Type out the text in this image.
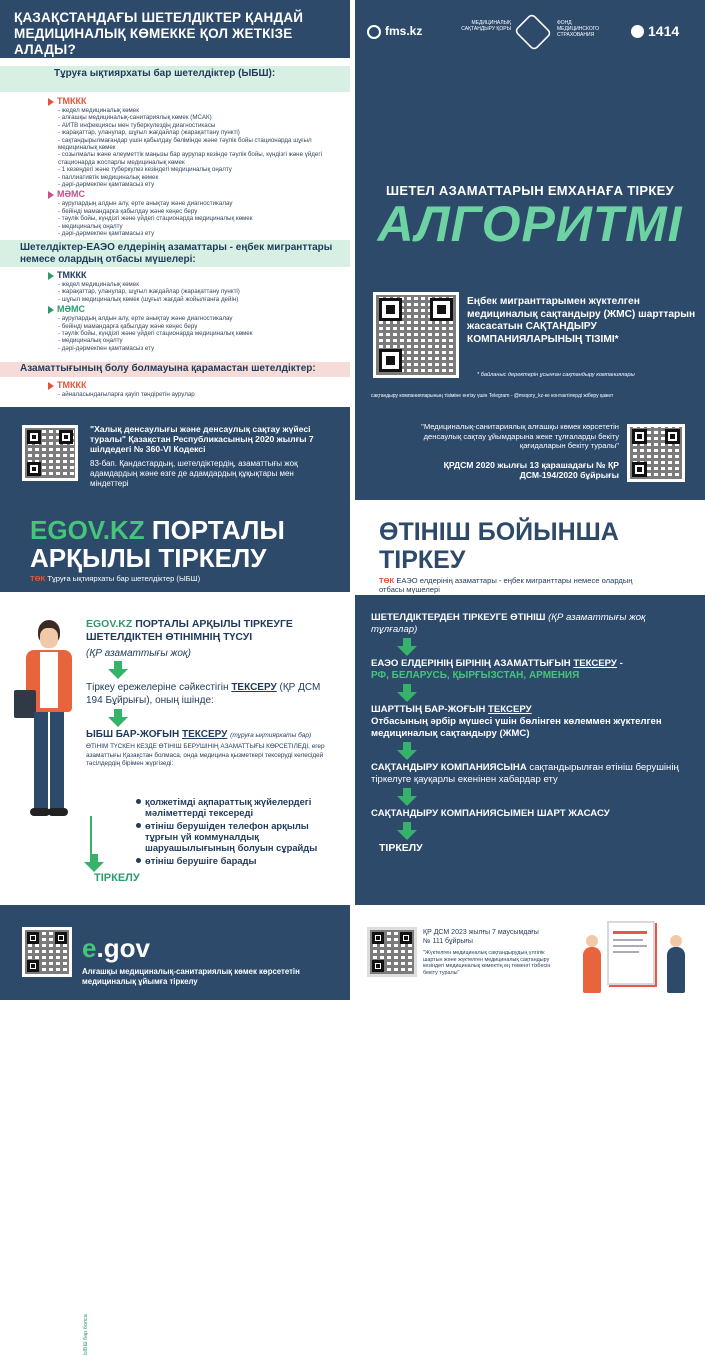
ҚАЗАҚСТАНДАҒЫ ШЕТЕЛДІКТЕР ҚАНДАЙ МЕДИЦИНАЛЫҚ КӨМЕККЕ ҚОЛ ЖЕТКІЗЕ АЛАДЫ?
Тұруға ықтиярхаты бар шетелдіктер (ЫБШ):
ТМККК
- жедел медициналық көмек
- алғашқы медициналық-санитариялық көмек (МСАК)
- АИТВ инфекциясы мен туберкулездің диагностикасы
- жарақаттар, уланулар, шұғыл жағдайлар (жарақаттану пункті)
- сақтандырылмағандар үшін қабылдау бөлімінде және тәулік бойы стационарда шұғыл медициналық көмек
- созылмалы және әлеуметтік маңызы бар аурулар кезінде тәулік бойы, күндізгі және үйдегі стационарда жоспарлы медициналық көмек
- 1 кезеңдегі және туберкулез кезіндегі медициналық оңалту
- паллиативтік медициналық көмек
- дәрі-дәрмекпен қамтамасыз ету
МӘМС
- аурулардың алдын алу, ерте анықтау және диагностикалау
- бейінді мамандарға қабылдау және кеңес беру
- тәулік бойы, күндізгі және үйдегі стационарда медициналық көмек
- медициналық оңалту
- дәрі-дәрмекпен қамтамасыз ету
Шетелдіктер-ЕАЭО елдерінің азаматтары - еңбек мигранттары немесе олардың отбасы мүшелері:
ТМККК
- жедел медициналық көмек
- жарақаттар, уланулар, шұғыл жағдайлар (жарақаттану пункті)
- шұғыл медициналық көмек (шұғыл жағдай жойылғанға дейін)
МӘМС
- аурулардың алдын алу, ерте анықтау және диагностикалау
- бейінді мамандарға қабылдау және кеңес беру
- тәулік бойы, күндізгі және үйдегі стационарда медициналық көмек
- медициналық оңалту
- дәрі-дәрмекпен қамтамасыз ету
Азаматтығының болу болмауына қарамастан шетелдіктер:
ТМККК
- айналасындағыларға қауіп төндіретін аурулар
fms.kz
МЕДИЦИНАЛЫҚ САҚТАНДЫРУ ҚОРЫ
ФОНД МЕДИЦИНСКОГО СТРАХОВАНИЯ	1414
ШЕТЕЛ АЗАМАТТАРЫН ЕМХАНАҒА ТІРКЕУ
АЛГОРИТМІ
Еңбек мигранттарымен жүктелген медициналық сақтандыру (ЖМС) шарттарын жасасатын САҚТАНДЫРУ КОМПАНИЯЛАРЫНЫҢ ТІЗІМІ*
* байланыс деректерін ұсынған сақтандыру компаниялары
сақтандыру компанияларының тізіміне енгізу үшін Telegram - @msqory_kz-ке контактілерді жіберу қажет
"Халық денсаулығы және денсаулық сақтау жүйесі туралы" Қазақстан Республикасының 2020 жылғы 7 шілдедегі № 360-VI Кодексі
83-бап. Қандастардың, шетелдіктердің, азаматтығы жоқ адамдардың және өзге де адамдардың құқықтары мен міндеттері
"Медициналық-санитариялық алғашқы көмек көрсететін денсаулық сақтау ұйымдарына жеке тұлғаларды бекіту қағидаларын бекіту туралы"
ҚРДСМ 2020 жылғы 13 қарашадағы № ҚР ДСМ-194/2020 бұйрығы
EGOV.KZ ПОРТАЛЫ
АРҚЫЛЫ ТІРКЕЛУ
ТӨК Тұруға ықтиярхаты бар шетелдіктер (ЫБШ)
EGOV.KZ ПОРТАЛЫ АРҚЫЛЫ ТІРКЕУГЕ ШЕТЕЛДІКТЕН ӨТІНІМНІҢ ТҮСУІ
(ҚР азаматтығы жоқ)
Тіркеу ережелеріне сәйкестігін ТЕКСЕРУ (ҚР ДСМ 194 Бұйрығы), оның ішінде:
ЫБШ БАР-ЖОҒЫН ТЕКСЕРУ (тұруға ықтиярхаты бар)
ӨТІНІМ ТҮСКЕН КЕЗДЕ ӨТІНІШ БЕРУШІНІҢ АЗАМАТТЫҒЫ КӨРСЕТІЛЕДІ, егер азаматтығы Қазақстан болмаса, онда медицина қызметкері тексеруді келесідей тәсілдердің бірімен жүргізеді:
ЫБШ бар болса
ТІРКЕЛУ
қолжетімді ақпараттық жүйелердегі мәліметтерді тексереді
өтініш берушіден телефон арқылы тұрғын үй коммуналдық шаруашылығының болуын сұрайды
өтініш берушіге барады
e.gov
Алғашқы медициналық-санитариялық көмек көрсететін медициналық ұйымға тіркелу
ӨТІНІШ БОЙЫНША
ТІРКЕУ
ТӨК ЕАЭО елдерінің азаматтары - еңбек мигранттары немесе олардың отбасы мүшелері
ШЕТЕЛДІКТЕРДЕН ТІРКЕУГЕ ӨТІНІШ (ҚР азаматтығы жоқ тұлғалар)
ЕАЭО ЕЛДЕРІНІҢ БІРІНІҢ АЗАМАТТЫҒЫН ТЕКСЕРУ -
РФ, БЕЛАРУСЬ, ҚЫРҒЫЗСТАН, АРМЕНИЯ
ШАРТТЫҢ БАР-ЖОҒЫН ТЕКСЕРУ
Отбасының әрбір мүшесі үшін бөлінген көлеммен жүктелген медициналық сақтандыру (ЖМС)
САҚТАНДЫРУ КОМПАНИЯСЫНА сақтандырылған өтініш берушінің тіркелуге қауқарлы екенінен хабардар ету
САҚТАНДЫРУ КОМПАНИЯСЫМЕН ШАРТ ЖАСАСУ
ТІРКЕЛУ
ҚР ДСМ 2023 жылғы 7 маусымдағы № 111 бұйрығы
"Жүктелген медициналық сақтандырудың үлгілік шартын және жүктелген медициналық сақтандыру кезіндегі медициналық көмектің ең төменгі тізбесін бекіту туралы"
